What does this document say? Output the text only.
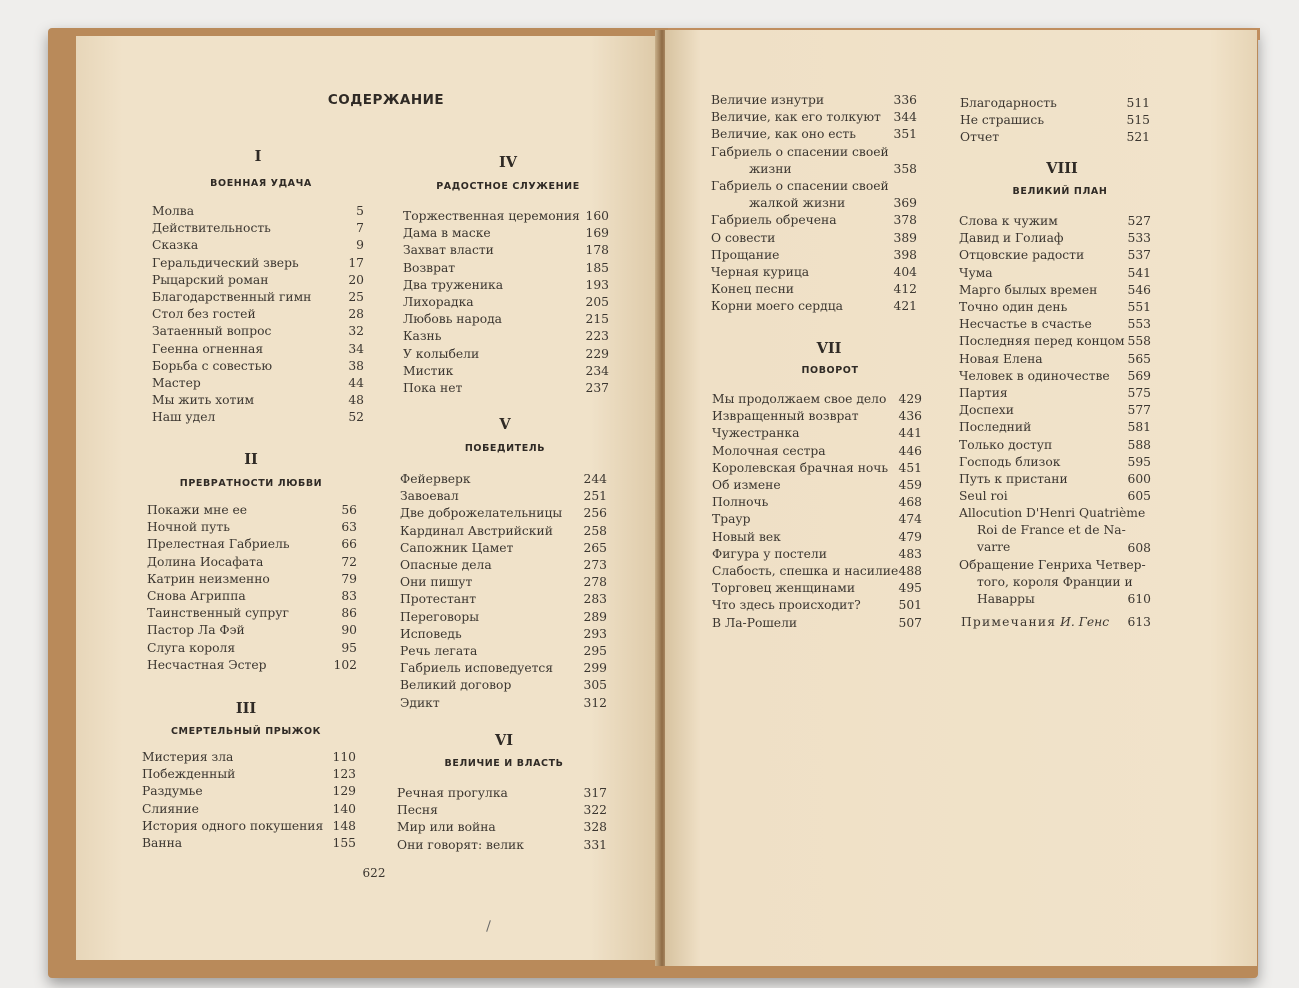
СОДЕРЖАНИЕ
I
ВОЕННАЯ УДАЧА
Молва	5
Действительность	7
Сказка	9
Геральдический зверь	17
Рыцарский роман	20
Благодарственный гимн	25
Стол без гостей	28
Затаенный вопрос	32
Геенна огненная	34
Борьба с совестью	38
Мастер	44
Мы жить хотим	48
Наш удел	52
II
ПРЕВРАТНОСТИ ЛЮБВИ
Покажи мне ее	56
Ночной путь	63
Прелестная Габриель	66
Долина Иосафата	72
Катрин неизменно	79
Снова Агриппа	83
Таинственный супруг	86
Пастор Ла Фэй	90
Слуга короля	95
Несчастная Эстер	102
III
СМЕРТЕЛЬНЫЙ ПРЫЖОК
Мистерия зла	110
Побежденный	123
Раздумье	129
Слияние	140
История одного покушения 148
Ванна	155
IV
РАДОСТНОЕ СЛУЖЕНИЕ
Торжественная церемония 160
Дама в маске	169
Захват власти	178
Возврат	185
Два труженика	193
Лихорадка	205
Любовь народа	215
Казнь	223
У колыбели	229
Мистик	234
Пока нет	237
V
ПОБЕДИТЕЛЬ
Фейерверк	244
Завоевал	251
Две доброжелательницы 256
Кардинал Австрийский 258
Сапожник Цамет	265
Опасные дела	273
Они пишут	278
Протестант	283
Переговоры	289
Исповедь	293
Речь легата	295
Габриель исповедуется 299
Великий договор	305
Эдикт	312
VI
ВЕЛИЧИЕ И ВЛАСТЬ
Речная прогулка	317
Песня	322
Мир или война	328
Они говорят: велик	331
622
Величие изнутри	336
Величие, как его толкуют 344
Величие, как оно есть	351
Габриель о спасении своей
жизни	358
Габриель о спасении своей
жалкой жизни	369
Габриель обречена	378
О совести	389
Прощание	398
Черная курица	404
Конец песни	412
Корни моего сердца	421
VII
ПОВОРОТ
Мы продолжаем свое дело 429
Извращенный возврат	436
Чужестранка	441
Молочная сестра	446
Королевская брачная ночь 451
Об измене	459
Полночь	468
Траур	474
Новый век	479
Фигура у постели	483
Слабость, спешка и насилие 488
Торговец женщинами	495
Что здесь происходит?	501
В Ла-Рошели	507
Благодарность	511
Не страшись	515
Отчет	521
VIII
ВЕЛИКИЙ ПЛАН
Слова к чужим	527
Давид и Голиаф	533
Отцовские радости	537
Чума	541
Марго былых времен 546
Точно один день	551
Несчастье в счастье	553
Последняя перед концом 558
Новая Елена	565
Человек в одиночестве 569
Партия	575
Доспехи	577
Последний	581
Только доступ	588
Господь близок	595
Путь к пристани	600
Seul roi	605
Allocution D'Henri Quatrième
Roi de France et de Na-
varre	608
Обращение Генриха Четвер-
того, короля Франции и
Наварры	610
Примечания И. Генс 613
